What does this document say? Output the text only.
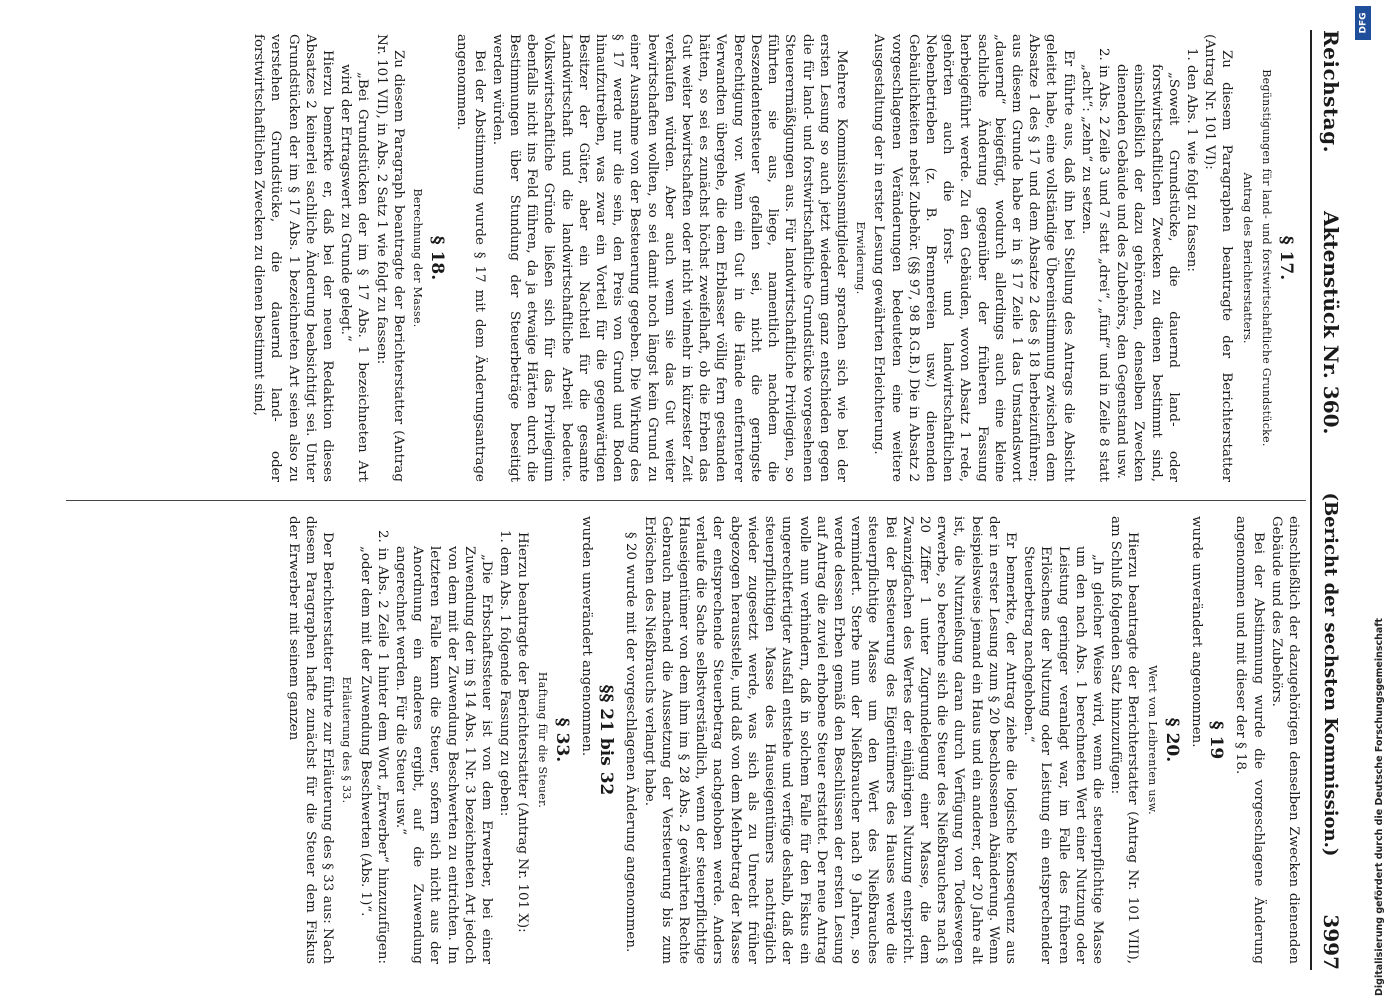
Reichstag.
Aktenstück Nr. 360.
(Bericht der sechsten Kommission.)
3997
§ 17.
Begünstigungen für land- und forstwirtschaftliche Grundstücke.
Antrag des Berichterstatters.

Zu diesem Paragraphen beantragte der Berichterstatter (Antrag Nr. 101 VI):

1. den Abs. 1 wie folgt zu fassen:

„Soweit Grundstücke, die dauernd land- oder forstwirtschaftlichen Zwecken zu dienen bestimmt sind, einschließlich der dazu gehörenden, denselben Zwecken dienenden Gebäude und des Zubehörs, den Gegenstand usw.

2. in Abs. 2 Zeile 3 und 7 statt „drei“, „fünf“ und in Zeile 8 statt „acht“: „zehn“ zu setzen.

Er führte aus, daß ihn bei Stellung des Antrags die Absicht geleitet habe, eine vollständige Übereinstimmung zwischen dem Absatze 1 des § 17 und dem Absatze 2 des § 18 herbeizuführen; aus diesem Grunde habe er in § 17 Zeile 1 das Umstandswort „dauernd“ beigefügt, wodurch allerdings auch eine kleine sachliche Änderung gegenüber der früheren Fassung herbeigeführt werde. Zu den Gebäuden, wovon Absatz 1 rede, gehörten auch die forst- und landwirtschaftlichen Nebenbetrieben (z. B. Brennereien usw.) dienenden Gebäulichkeiten nebst Zubehör. (§§ 97, 98 B.G.B.) Die in Absatz 2 vorgeschlagenen Veränderungen bedeuteten eine weitere Ausgestaltung der in erster Lesung gewährten Erleichterung.

Erwiderung.

Mehrere Kommissionsmitglieder sprachen sich wie bei der ersten Lesung so auch jetzt wiederum ganz entschieden gegen die für land- und forstwirtschaftliche Grundstücke vorgesehenen Steuerermäßigungen aus. Für landwirtschaftliche Privilegien, so führten sie aus, liege, namentlich nachdem die Deszendentensteuer gefallen sei, nicht die geringste Berechtigung vor. Wenn ein Gut in die Hände entfernterer Verwandten übergehe, die dem Erblasser völlig fern gestanden hätten, so sei es zunächst höchst zweifelhaft, ob die Erben das Gut weiter bewirtschaften oder nicht vielmehr in kürzester Zeit verkaufen würden. Aber auch wenn sie das Gut weiter bewirtschaften wollten, so sei damit noch längst kein Grund zu einer Ausnahme von der Besteuerung gegeben. Die Wirkung des § 17 werde nur die sein, den Preis von Grund und Boden hinaufzutreiben, was zwar ein Vorteil für die gegenwärtigen Besitzer der Güter, aber ein Nachteil für die gesamte Landwirtschaft und die landwirtschaftliche Arbeit bedeute. Volkswirtschaftliche Gründe ließen sich für das Privilegium ebenfalls nicht ins Feld führen, da ja etwaige Härten durch die Bestimmungen über Stundung der Steuerbeträge beseitigt werden würden.

Bei der Abstimmung wurde § 17 mit dem Änderungsantrage angenommen.

§ 18.
Berechnung der Masse.

Zu diesem Paragraph beantragte der Berichterstatter (Antrag Nr. 101 VII), in Abs. 2 Satz 1 wie folgt zu fassen:

„Bei Grundstücken der im § 17 Abs. 1 bezeichneten Art wird der Ertragswert zu Grunde gelegt.“

Hierzu bemerkte er, daß bei der neuen Redaktion dieses Absatzes 2 keinerlei sachliche Änderung beabsichtigt sei. Unter Grundstücken der im § 17 Abs. 1 bezeichneten Art seien also zu verstehen Grundstücke, die dauernd land- oder forstwirtschaftlichen Zwecken zu dienen bestimmt sind,

einschließlich der dazugehörigen denselben Zwecken dienenden Gebäude und des Zubehörs.

Bei der Abstimmung wurde die vorgeschlagene Änderung angenommen und mit dieser der § 18.

§ 19

wurde unverändert angenommen.

§ 20.
Wert von Leibrenten usw.

Hierzu beantragte der Berichterstatter (Antrag Nr. 101 VIII), am Schluß folgenden Satz hinzuzufügen:

„In gleicher Weise wird, wenn die steuerpflichtige Masse um den nach Abs. 1 berechneten Wert einer Nutzung oder Leistung geringer veranlagt war, im Falle des früheren Erlöschens der Nutzung oder Leistung ein entsprechender Steuerbetrag nachgehoben.“

Er bemerkte, der Antrag ziehe die logische Konsequenz aus der in erster Lesung zum § 20 beschlossenen Abänderung. Wenn beispielsweise jemand ein Haus und ein anderer, der 20 Jahre alt ist, die Nutznießung daran durch Verfügung von Todeswegen erwerbe, so berechne sich die Steuer des Nießbrauchers nach § 20 Ziffer 1 unter Zugrundelegung einer Masse, die dem Zwanzigfachen des Wertes der einjährigen Nutzung entspricht. Bei der Besteuerung des Eigentümers des Hauses werde die steuerpflichtige Masse um den Wert des Nießbrauches vermindert. Sterbe nun der Nießbraucher nach 9 Jahren, so werde dessen Erben gemäß den Beschlüssen der ersten Lesung auf Antrag die zuviel erhobene Steuer erstattet. Der neue Antrag wolle nun verhindern, daß in solchem Falle für den Fiskus ein ungerechtfertigter Ausfall entstehe und verfüge deshalb, daß der steuerpflichtigen Masse des Hauseigentümers nachträglich wieder zugesetzt werde, was sich als zu Unrecht früher abgezogen herausstelle, und daß von dem Mehrbetrag der Masse der entsprechende Steuerbetrag nachgehoben werde. Anders verlaufe die Sache selbstverständlich, wenn der steuerpflichtige Hauseigentümer von dem ihm im § 28 Abs. 2 gewährten Rechte Gebrauch machend die Aussetzung der Versteuerung bis zum Erlöschen des Nießbrauchs verlangt habe.

§ 20 wurde mit der vorgeschlagenen Änderung angenommen.

§§ 21 bis 32

wurden unverändert angenommen.

§ 33.
Haftung für die Steuer.

Hierzu beantragte der Berichterstatter (Antrag Nr. 101 X):

1. dem Abs. 1 folgende Fassung zu geben:

„Die Erbschaftssteuer ist von dem Erwerber, bei einer Zuwendung der im § 14 Abs. 1 Nr. 3 bezeichneten Art jedoch von dem mit der Zuwendung Beschwerten zu entrichten. Im letzteren Falle kann die Steuer, sofern sich nicht aus der Anordnung ein anderes ergibt, auf die Zuwendung angerechnet werden. Für die Steuer usw.“

2. in Abs. 2 Zeile 1 hinter dem Wort „Erwerber“ hinzuzufügen: „oder dem mit der Zuwendung Beschwerten (Abs. 1)“.

Erläuterung des § 33.

Der Berichterstatter führte zur Erläuterung des § 33 aus: Nach diesem Paragraphen hafte zunächst für die Steuer dem Fiskus der Erwerber mit seinem ganzen

DFG
Digitalisierung gefördert durch die Deutsche Forschungsgemeinschaft
